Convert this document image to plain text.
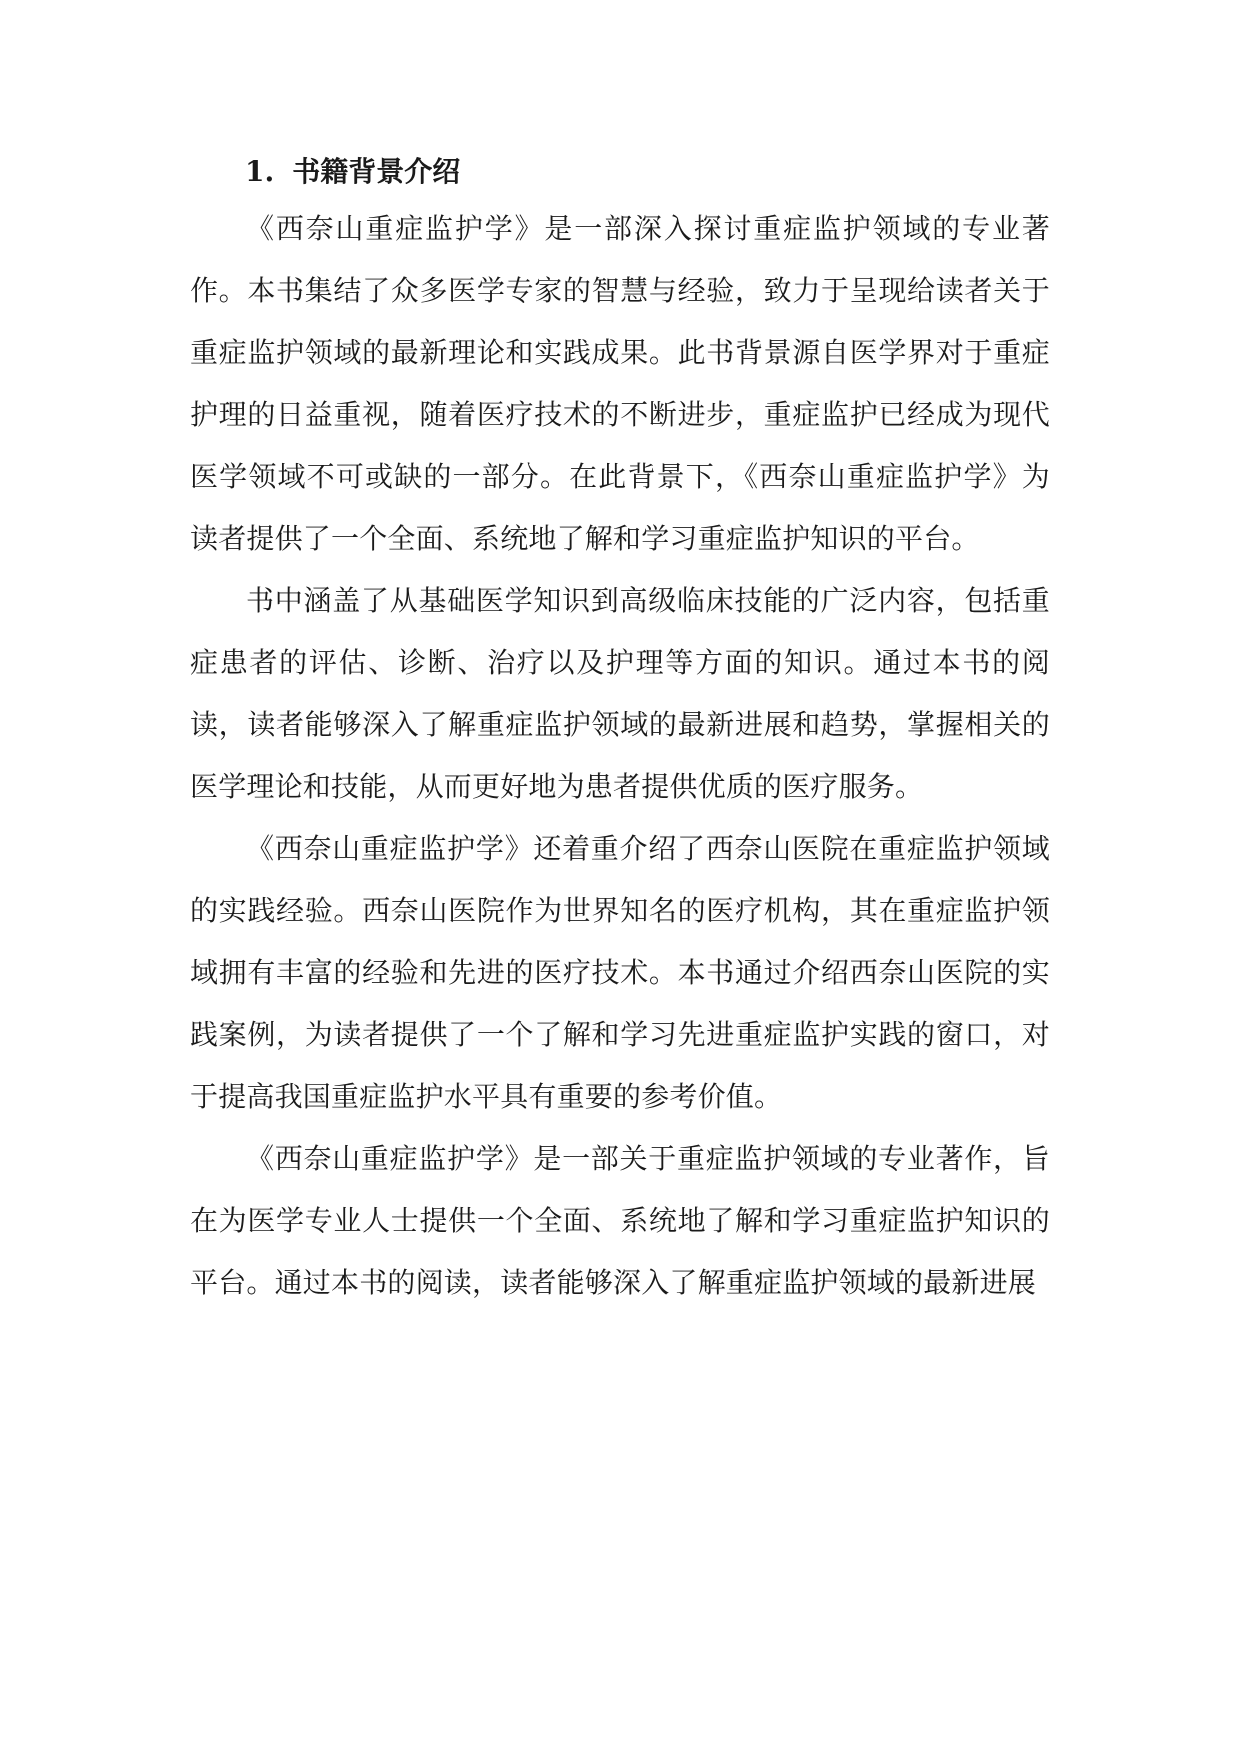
1. 书籍背景介绍

《西奈山重症监护学》是一部深入探讨重症监护领域的专业著作。本书集结了众多医学专家的智慧与经验，致力于呈现给读者关于重症监护领域的最新理论和实践成果。此书背景源自医学界对于重症护理的日益重视，随着医疗技术的不断进步，重症监护已经成为现代医学领域不可或缺的一部分。在此背景下，《西奈山重症监护学》为读者提供了一个全面、系统地了解和学习重症监护知识的平台。

书中涵盖了从基础医学知识到高级临床技能的广泛内容，包括重症患者的评估、诊断、治疗以及护理等方面的知识。通过本书的阅读，读者能够深入了解重症监护领域的最新进展和趋势，掌握相关的医学理论和技能，从而更好地为患者提供优质的医疗服务。

《西奈山重症监护学》还着重介绍了西奈山医院在重症监护领域的实践经验。西奈山医院作为世界知名的医疗机构，其在重症监护领域拥有丰富的经验和先进的医疗技术。本书通过介绍西奈山医院的实践案例，为读者提供了一个了解和学习先进重症监护实践的窗口，对于提高我国重症监护水平具有重要的参考价值。

《西奈山重症监护学》是一部关于重症监护领域的专业著作，旨在为医学专业人士提供一个全面、系统地了解和学习重症监护知识的平台。通过本书的阅读，读者能够深入了解重症监护领域的最新进展
